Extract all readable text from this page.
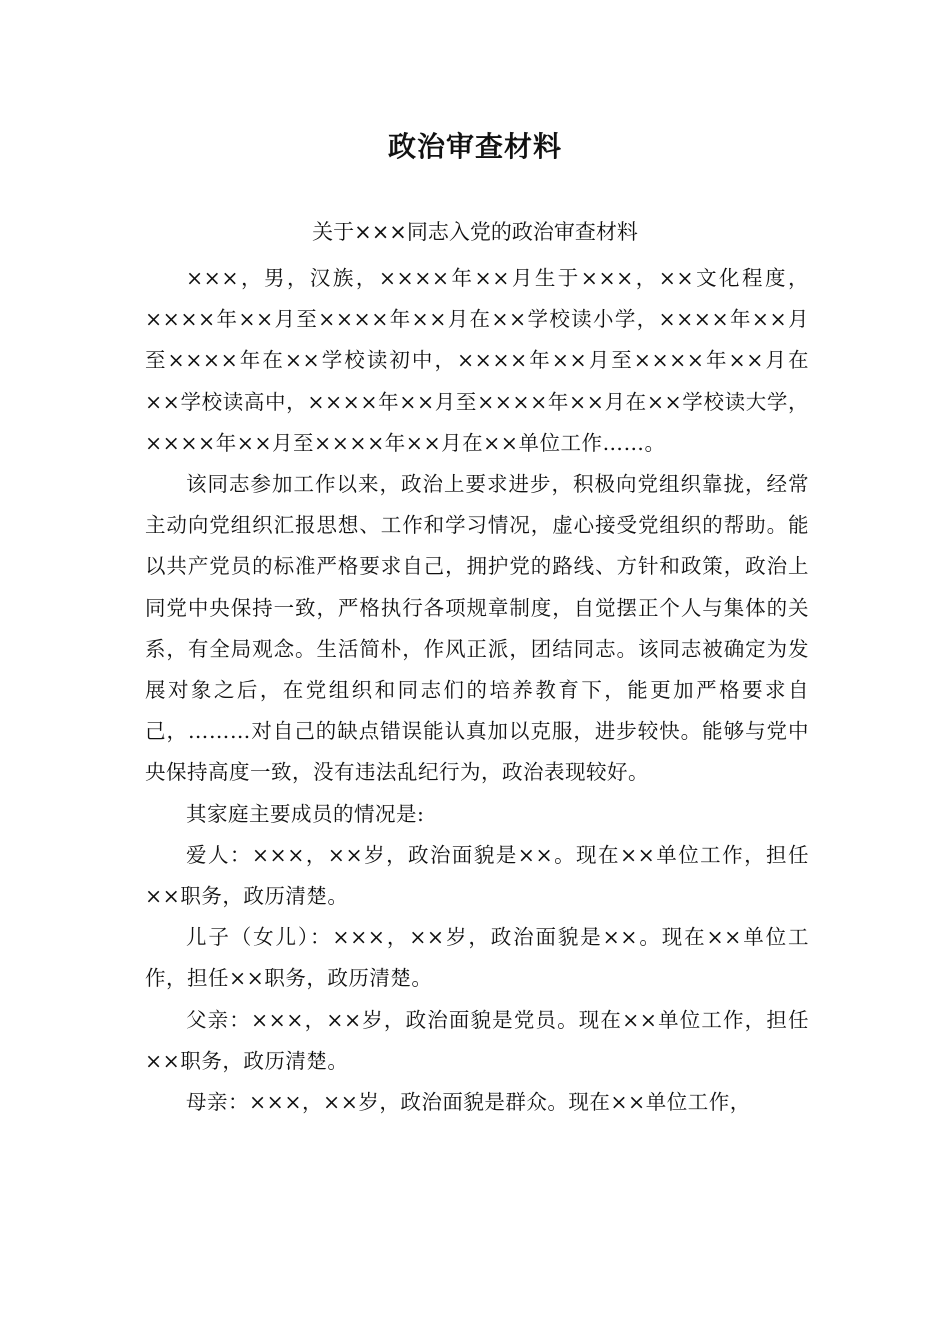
政治审查材料
关于×××同志入党的政治审查材料

×××，男，汉族，××××年××月生于×××，××文化程度，××××年××月至××××年××月在××学校读小学，××××年××月至××××年在××学校读初中，××××年××月至××××年××月在××学校读高中，××××年××月至××××年××月在××学校读大学，××××年××月至××××年××月在××单位工作……。

该同志参加工作以来，政治上要求进步，积极向党组织靠拢，经常主动向党组织汇报思想、工作和学习情况，虚心接受党组织的帮助。能以共产党员的标准严格要求自己，拥护党的路线、方针和政策，政治上同党中央保持一致，严格执行各项规章制度，自觉摆正个人与集体的关系，有全局观念。生活简朴，作风正派，团结同志。该同志被确定为发展对象之后，在党组织和同志们的培养教育下，能更加严格要求自己，………对自己的缺点错误能认真加以克服，进步较快。能够与党中央保持高度一致，没有违法乱纪行为，政治表现较好。

其家庭主要成员的情况是:

爱人：×××，××岁，政治面貌是××。现在××单位工作，担任××职务，政历清楚。

儿子（女儿）：×××，××岁，政治面貌是××。现在××单位工作，担任××职务，政历清楚。

父亲：×××，××岁，政治面貌是党员。现在××单位工作，担任××职务，政历清楚。

母亲：×××，××岁，政治面貌是群众。现在××单位工作，
